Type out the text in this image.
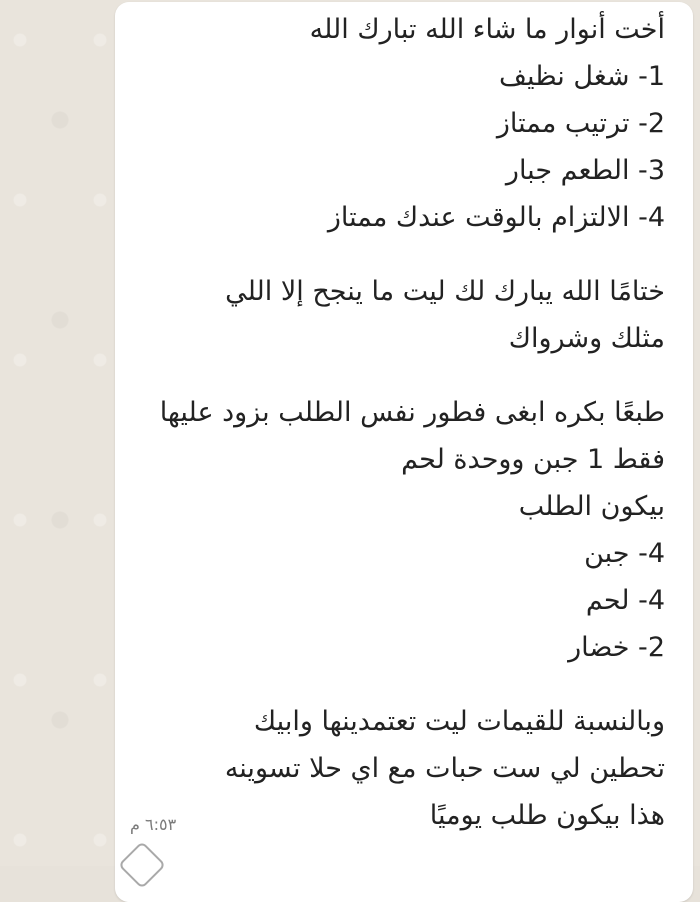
أخت أنوار ما شاء الله تبارك الله
1- شغل نظيف
2- ترتيب ممتاز
3- الطعم جبار
4- الالتزام بالوقت عندك ممتاز
ختامًا الله يبارك لك ليت ما ينجح إلا اللي
مثلك وشرواك
طبعًا بكره ابغى فطور نفس الطلب بزود عليها
فقط 1 جبن ووحدة لحم
بيكون الطلب
4- جبن
4- لحم
2- خضار
وبالنسبة للقيمات ليت تعتمدينها وابيك
تحطين لي ست حبات مع اي حلا تسوينه
هذا بيكون طلب يوميًا
٦:٥٣ م
